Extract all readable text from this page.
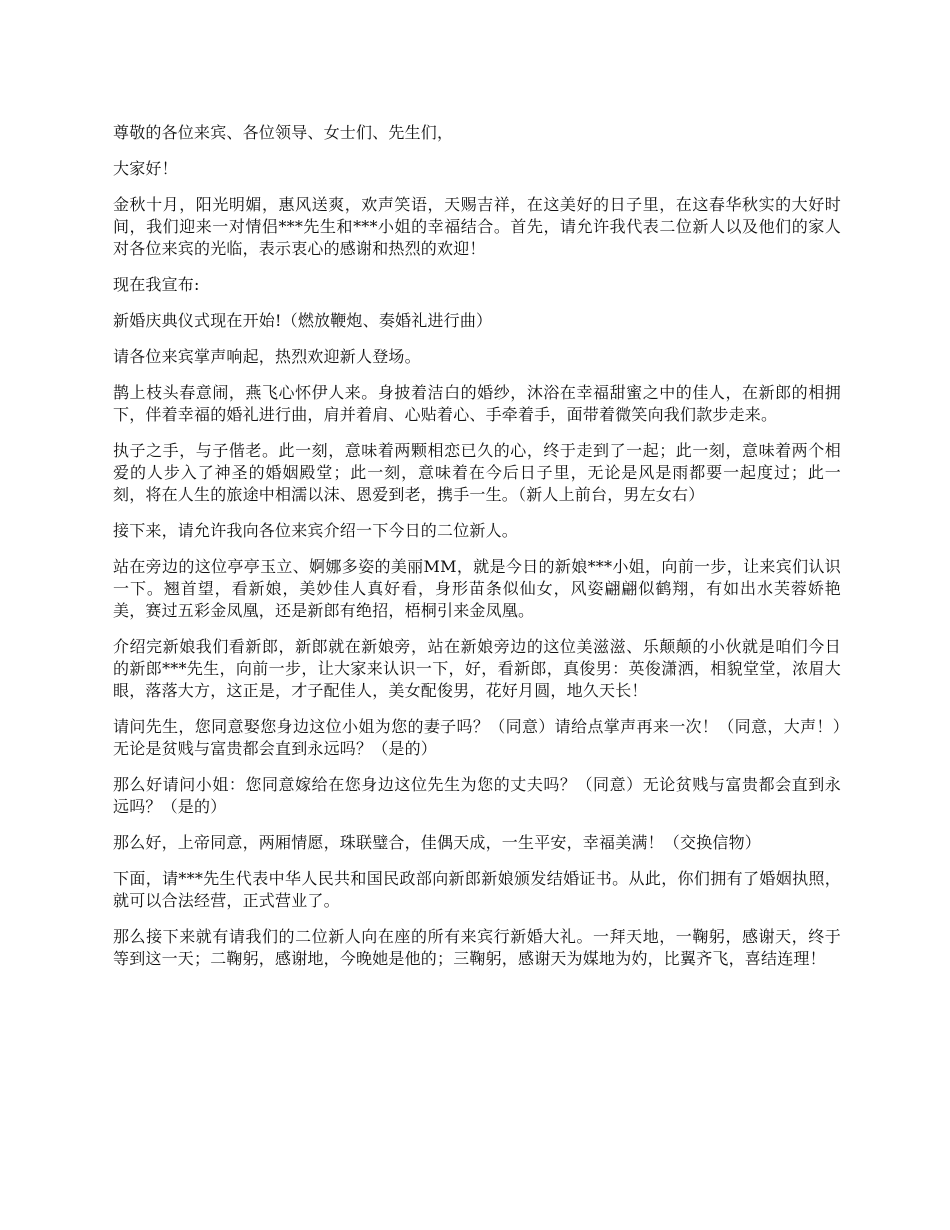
尊敬的各位来宾、各位领导、女士们、先生们，

大家好！

金秋十月，阳光明媚，惠风送爽，欢声笑语，天赐吉祥，在这美好的日子里，在这春华秋实的大好时间，我们迎来一对情侣***先生和***小姐的幸福结合。首先，请允许我代表二位新人以及他们的家人对各位来宾的光临，表示衷心的感谢和热烈的欢迎！

现在我宣布:

新婚庆典仪式现在开始!（燃放鞭炮、奏婚礼进行曲）

请各位来宾掌声响起，热烈欢迎新人登场。

鹊上枝头春意闹，燕飞心怀伊人来。身披着洁白的婚纱，沐浴在幸福甜蜜之中的佳人，在新郎的相拥下，伴着幸福的婚礼进行曲，肩并着肩、心贴着心、手牵着手，面带着微笑向我们款步走来。

执子之手，与子偕老。此一刻，意味着两颗相恋已久的心，终于走到了一起；此一刻，意味着两个相爱的人步入了神圣的婚姻殿堂；此一刻，意味着在今后日子里，无论是风是雨都要一起度过；此一刻，将在人生的旅途中相濡以沫、恩爱到老，携手一生。（新人上前台，男左女右）

接下来，请允许我向各位来宾介绍一下今日的二位新人。

站在旁边的这位亭亭玉立、婀娜多姿的美丽MM，就是今日的新娘***小姐，向前一步，让来宾们认识一下。翘首望，看新娘，美妙佳人真好看，身形苗条似仙女，风姿翩翩似鹤翔，有如出水芙蓉娇艳美，赛过五彩金凤凰，还是新郎有绝招，梧桐引来金凤凰。

介绍完新娘我们看新郎，新郎就在新娘旁，站在新娘旁边的这位美滋滋、乐颠颠的小伙就是咱们今日的新郎***先生，向前一步，让大家来认识一下，好，看新郎，真俊男：英俊潇洒，相貌堂堂，浓眉大眼，落落大方，这正是，才子配佳人，美女配俊男，花好月圆，地久天长！

请问先生，您同意娶您身边这位小姐为您的妻子吗？（同意）请给点掌声再来一次！（同意，大声！）无论是贫贱与富贵都会直到永远吗？（是的）

那么好请问小姐：您同意嫁给在您身边这位先生为您的丈夫吗？（同意）无论贫贱与富贵都会直到永远吗？（是的）

那么好，上帝同意，两厢情愿，珠联璧合，佳偶天成，一生平安，幸福美满！（交换信物）

下面，请***先生代表中华人民共和国民政部向新郎新娘颁发结婚证书。从此，你们拥有了婚姻执照，就可以合法经营，正式营业了。

那么接下来就有请我们的二位新人向在座的所有来宾行新婚大礼。一拜天地，一鞠躬，感谢天，终于等到这一天；二鞠躬，感谢地，今晚她是他的；三鞠躬，感谢天为媒地为妁，比翼齐飞，喜结连理！
